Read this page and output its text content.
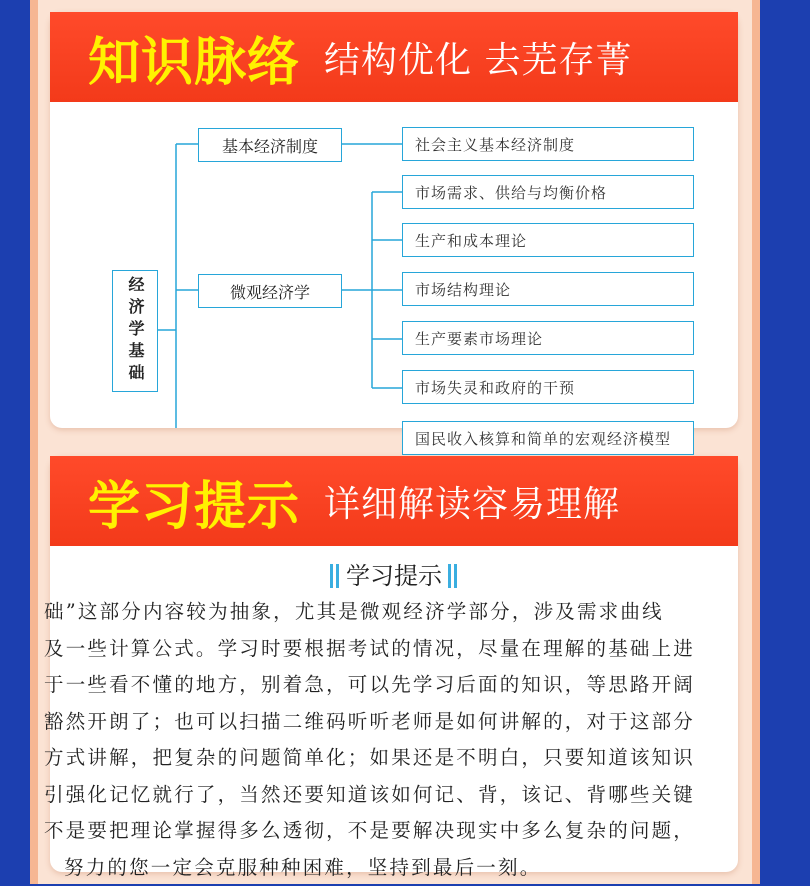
知识脉络 结构优化 去芜存菁
经济学基础
基本经济制度
微观经济学
社会主义基本经济制度
市场需求、供给与均衡价格
生产和成本理论
市场结构理论
生产要素市场理论
市场失灵和政府的干预
国民收入核算和简单的宏观经济模型
学习提示 详细解读容易理解
学习提示
础”这部分内容较为抽象，尤其是微观经济学部分，涉及需求曲线
及一些计算公式。学习时要根据考试的情况，尽量在理解的基础上进
于一些看不懂的地方，别着急，可以先学习后面的知识，等思路开阔
豁然开朗了；也可以扫描二维码听听老师是如何讲解的，对于这部分
方式讲解，把复杂的问题简单化；如果还是不明白，只要知道该知识
引强化记忆就行了，当然还要知道该如何记、背，该记、背哪些关键
不是要把理论掌握得多么透彻，不是要解决现实中多么复杂的问题，
努力的您一定会克服种种困难，坚持到最后一刻。
